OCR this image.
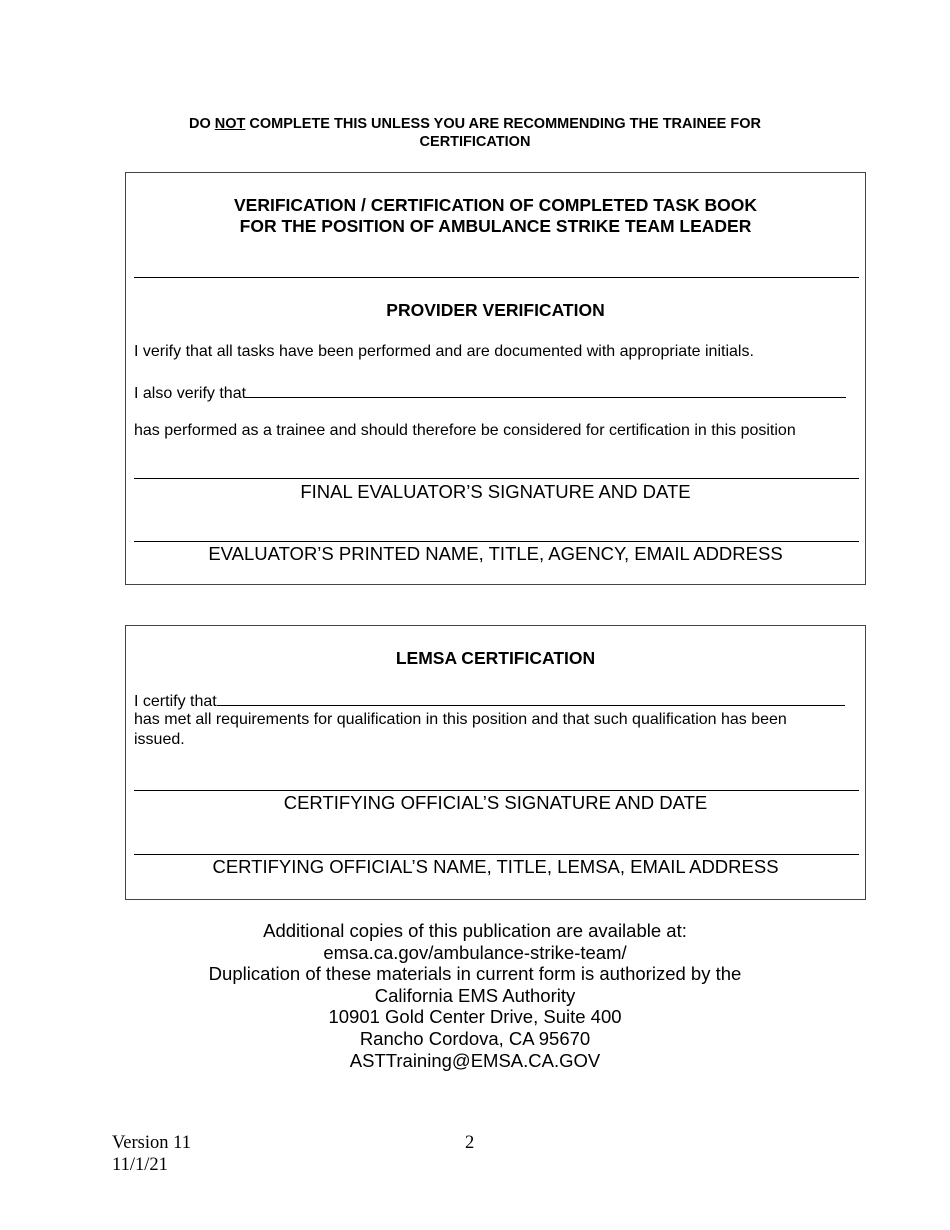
DO NOT COMPLETE THIS UNLESS YOU ARE RECOMMENDING THE TRAINEE FOR
CERTIFICATION
VERIFICATION / CERTIFICATION OF COMPLETED TASK BOOK
FOR THE POSITION OF AMBULANCE STRIKE TEAM LEADER
PROVIDER VERIFICATION
I verify that all tasks have been performed and are documented with appropriate initials.
I also verify that
has performed as a trainee and should therefore be considered for certification in this position
FINAL EVALUATOR’S SIGNATURE AND DATE
EVALUATOR’S PRINTED NAME, TITLE, AGENCY, EMAIL ADDRESS
LEMSA CERTIFICATION
I certify that
has met all requirements for qualification in this position and that such qualification has been
issued.
CERTIFYING OFFICIAL’S SIGNATURE AND DATE
CERTIFYING OFFICIAL’S NAME, TITLE, LEMSA, EMAIL ADDRESS
Additional copies of this publication are available at:
emsa.ca.gov/ambulance-strike-team/
Duplication of these materials in current form is authorized by the
California EMS Authority
10901 Gold Center Drive, Suite 400
Rancho Cordova, CA 95670
ASTTraining@EMSA.CA.GOV
Version 11
11/1/21
2
